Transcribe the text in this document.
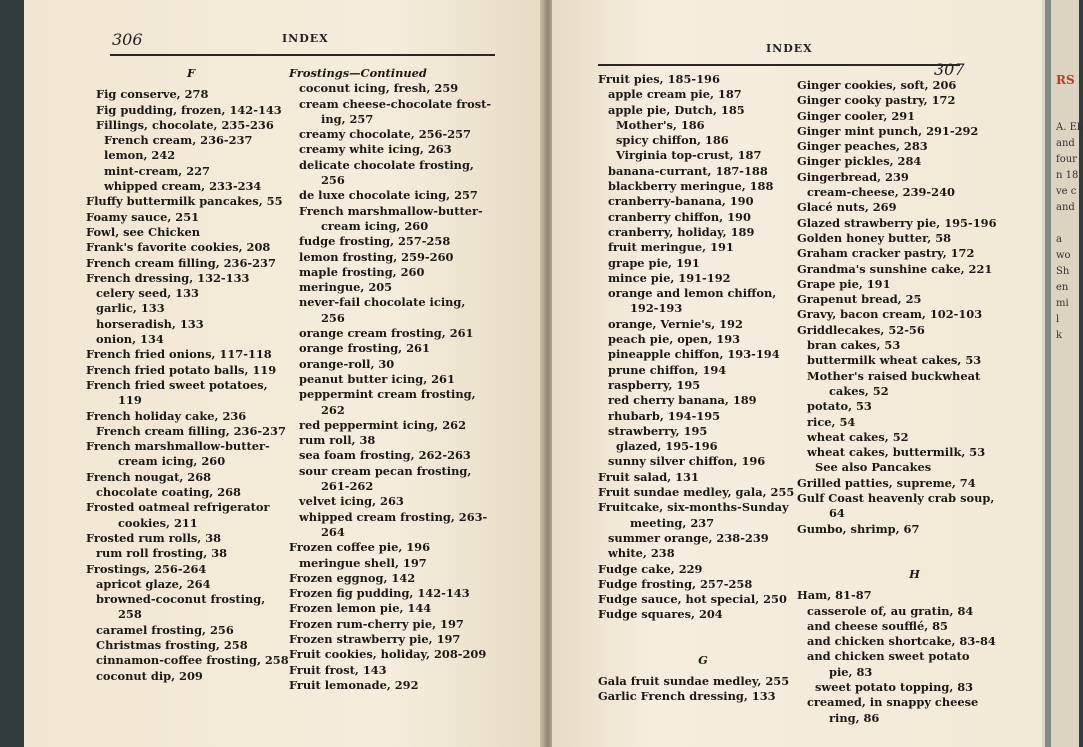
306	INDEX
F
Fig conserve, 278
Fig pudding, frozen, 142-143
Fillings, chocolate, 235-236
French cream, 236-237
lemon, 242
mint-cream, 227
whipped cream, 233-234
Fluffy buttermilk pancakes, 55
Foamy sauce, 251
Fowl, see Chicken
Frank's favorite cookies, 208
French cream filling, 236-237
French dressing, 132-133
celery seed, 133
garlic, 133
horseradish, 133
onion, 134
French fried onions, 117-118
French fried potato balls, 119
French fried sweet potatoes,
119
French holiday cake, 236
French cream filling, 236-237
French marshmallow-butter-
cream icing, 260
French nougat, 268
chocolate coating, 268
Frosted oatmeal refrigerator
cookies, 211
Frosted rum rolls, 38
rum roll frosting, 38
Frostings, 256-264
apricot glaze, 264
browned-coconut frosting,
258
caramel frosting, 256
Christmas frosting, 258
cinnamon-coffee frosting, 258
coconut dip, 209
Frostings—Continued
coconut icing, fresh, 259
cream cheese-chocolate frost-
ing, 257
creamy chocolate, 256-257
creamy white icing, 263
delicate chocolate frosting,
256
de luxe chocolate icing, 257
French marshmallow-butter-
cream icing, 260
fudge frosting, 257-258
lemon frosting, 259-260
maple frosting, 260
meringue, 205
never-fail chocolate icing,
256
orange cream frosting, 261
orange frosting, 261
orange-roll, 30
peanut butter icing, 261
peppermint cream frosting,
262
red peppermint icing, 262
rum roll, 38
sea foam frosting, 262-263
sour cream pecan frosting,
261-262
velvet icing, 263
whipped cream frosting, 263-
264
Frozen coffee pie, 196
meringue shell, 197
Frozen eggnog, 142
Frozen fig pudding, 142-143
Frozen lemon pie, 144
Frozen rum-cherry pie, 197
Frozen strawberry pie, 197
Fruit cookies, holiday, 208-209
Fruit frost, 143
Fruit lemonade, 292
INDEX
307
Fruit pies, 185-196
apple cream pie, 187
apple pie, Dutch, 185
Mother's, 186
spicy chiffon, 186
Virginia top-crust, 187
banana-currant, 187-188
blackberry meringue, 188
cranberry-banana, 190
cranberry chiffon, 190
cranberry, holiday, 189
fruit meringue, 191
grape pie, 191
mince pie, 191-192
orange and lemon chiffon,
192-193
orange, Vernie's, 192
peach pie, open, 193
pineapple chiffon, 193-194
prune chiffon, 194
raspberry, 195
red cherry banana, 189
rhubarb, 194-195
strawberry, 195
glazed, 195-196
sunny silver chiffon, 196
Fruit salad, 131
Fruit sundae medley, gala, 255
Fruitcake, six-months-Sunday
meeting, 237
summer orange, 238-239
white, 238
Fudge cake, 229
Fudge frosting, 257-258
Fudge sauce, hot special, 250
Fudge squares, 204
G
Gala fruit sundae medley, 255
Garlic French dressing, 133
Ginger cookies, soft, 206
Ginger cooky pastry, 172
Ginger cooler, 291
Ginger mint punch, 291-292
Ginger peaches, 283
Ginger pickles, 284
Gingerbread, 239
cream-cheese, 239-240
Glacé nuts, 269
Glazed strawberry pie, 195-196
Golden honey butter, 58
Graham cracker pastry, 172
Grandma's sunshine cake, 221
Grape pie, 191
Grapenut bread, 25
Gravy, bacon cream, 102-103
Griddlecakes, 52-56
bran cakes, 53
buttermilk wheat cakes, 53
Mother's raised buckwheat
cakes, 52
potato, 53
rice, 54
wheat cakes, 52
wheat cakes, buttermilk, 53
See also Pancakes
Grilled patties, supreme, 74
Gulf Coast heavenly crab soup,
64
Gumbo, shrimp, 67
H
Ham, 81-87
casserole of, au gratin, 84
and cheese soufflé, 85
and chicken shortcake, 83-84
and chicken sweet potato
pie, 83
sweet potato topping, 83
creamed, in snappy cheese
ring, 86

RS

A. Eb
and
four
n 18
ve c
and

a
wo
Sh
en
mi
l
k
